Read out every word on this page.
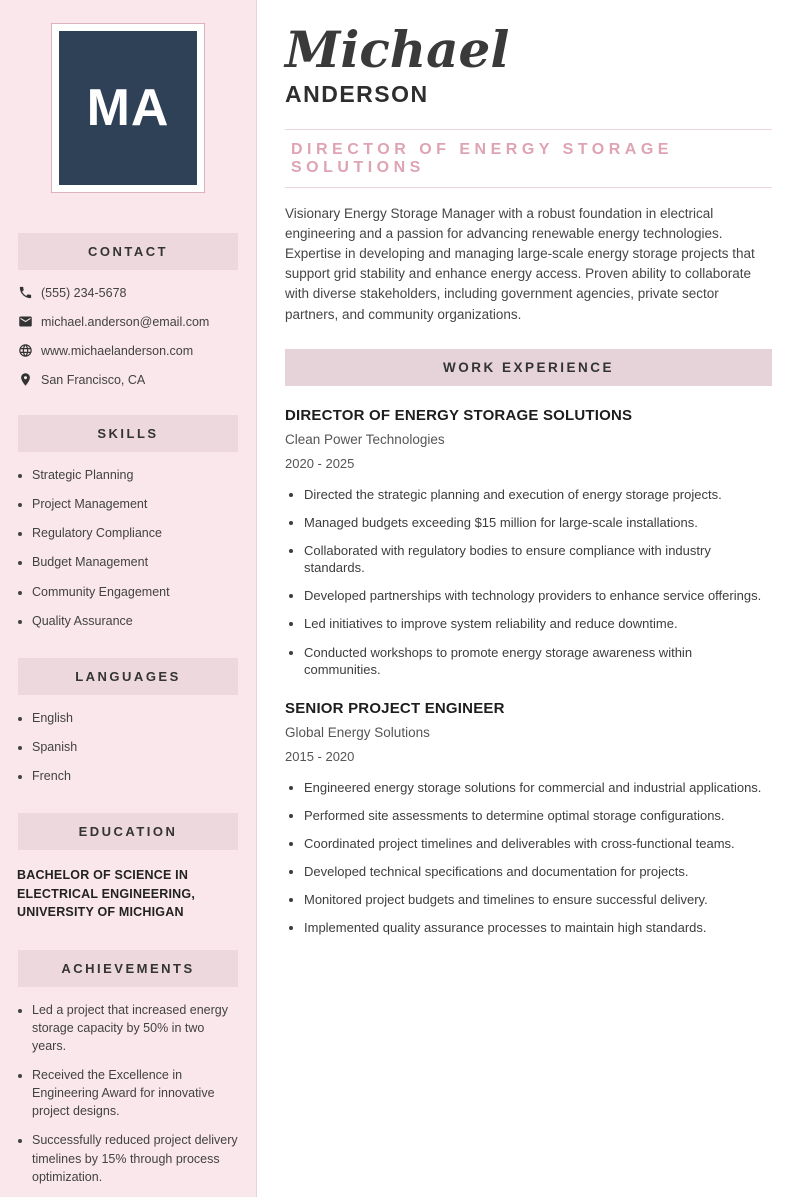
MA
CONTACT
(555) 234-5678
michael.anderson@email.com
www.michaelanderson.com
San Francisco, CA
SKILLS
• Strategic Planning
• Project Management
• Regulatory Compliance
• Budget Management
• Community Engagement
• Quality Assurance
LANGUAGES
• English
• Spanish
• French
EDUCATION
BACHELOR OF SCIENCE IN ELECTRICAL ENGINEERING, UNIVERSITY OF MICHIGAN
ACHIEVEMENTS
• Led a project that increased energy storage capacity by 50% in two years.
• Received the Excellence in Engineering Award for innovative project designs.
• Successfully reduced project delivery timelines by 15% through process optimization.
Michael
ANDERSON
DIRECTOR OF ENERGY STORAGE SOLUTIONS

Visionary Energy Storage Manager with a robust foundation in electrical engineering and a passion for advancing renewable energy technologies. Expertise in developing and managing large-scale energy storage projects that support grid stability and enhance energy access. Proven ability to collaborate with diverse stakeholders, including government agencies, private sector partners, and community organizations.

WORK EXPERIENCE
DIRECTOR OF ENERGY STORAGE SOLUTIONS
Clean Power Technologies
2020 - 2025
• Directed the strategic planning and execution of energy storage projects.
• Managed budgets exceeding $15 million for large-scale installations.
• Collaborated with regulatory bodies to ensure compliance with industry standards.
• Developed partnerships with technology providers to enhance service offerings.
• Led initiatives to improve system reliability and reduce downtime.
• Conducted workshops to promote energy storage awareness within communities.
SENIOR PROJECT ENGINEER
Global Energy Solutions
2015 - 2020
• Engineered energy storage solutions for commercial and industrial applications.
• Performed site assessments to determine optimal storage configurations.
• Coordinated project timelines and deliverables with cross-functional teams.
• Developed technical specifications and documentation for projects.
• Monitored project budgets and timelines to ensure successful delivery.
• Implemented quality assurance processes to maintain high standards.
